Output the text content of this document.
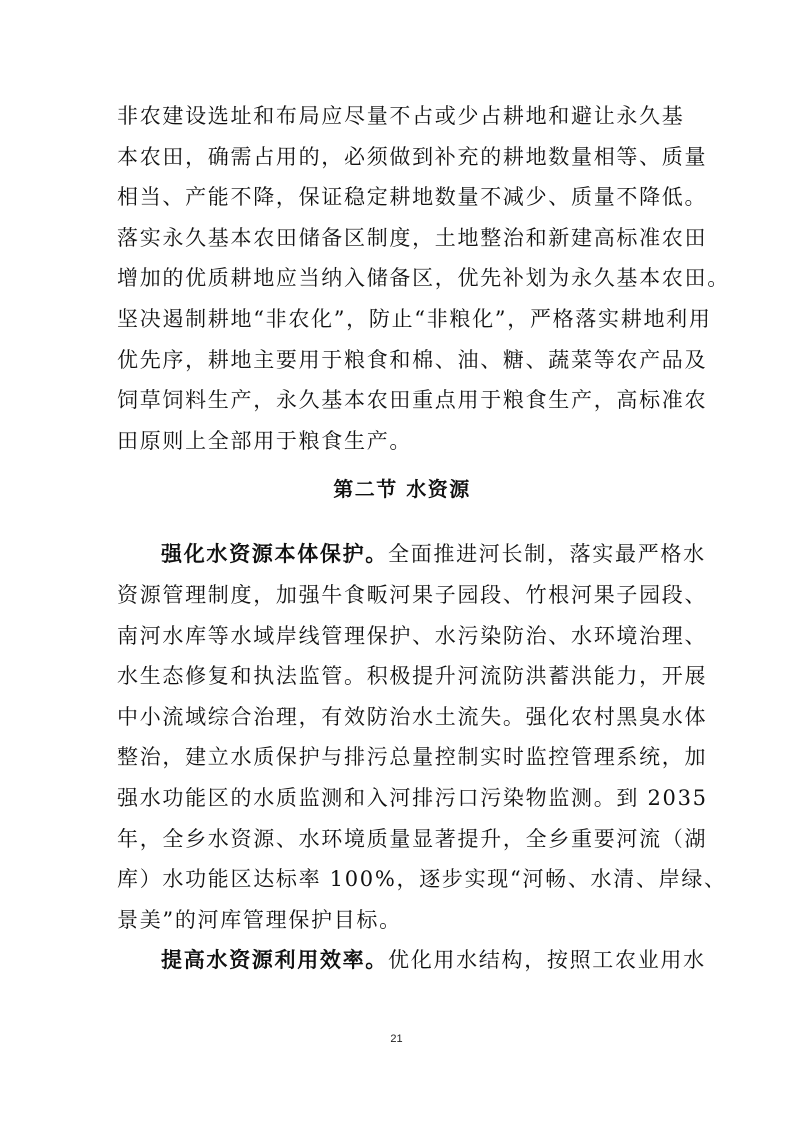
非农建设选址和布局应尽量不占或少占耕地和避让永久基
本农田，确需占用的，必须做到补充的耕地数量相等、质量
相当、产能不降，保证稳定耕地数量不减少、质量不降低。
落实永久基本农田储备区制度，土地整治和新建高标准农田
增加的优质耕地应当纳入储备区，优先补划为永久基本农田。
坚决遏制耕地“非农化”，防止“非粮化”，严格落实耕地利用
优先序，耕地主要用于粮食和棉、油、糖、蔬菜等农产品及
饲草饲料生产，永久基本农田重点用于粮食生产，高标准农
田原则上全部用于粮食生产。
第二节 水资源
强化水资源本体保护。全面推进河长制，落实最严格水
资源管理制度，加强牛食畈河果子园段、竹根河果子园段、
南河水库等水域岸线管理保护、水污染防治、水环境治理、
水生态修复和执法监管。积极提升河流防洪蓄洪能力，开展
中小流域综合治理，有效防治水土流失。强化农村黑臭水体
整治，建立水质保护与排污总量控制实时监控管理系统，加
强水功能区的水质监测和入河排污口污染物监测。到 2035
年，全乡水资源、水环境质量显著提升，全乡重要河流（湖
库）水功能区达标率 100%，逐步实现“河畅、水清、岸绿、
景美”的河库管理保护目标。
提高水资源利用效率。优化用水结构，按照工农业用水
21
